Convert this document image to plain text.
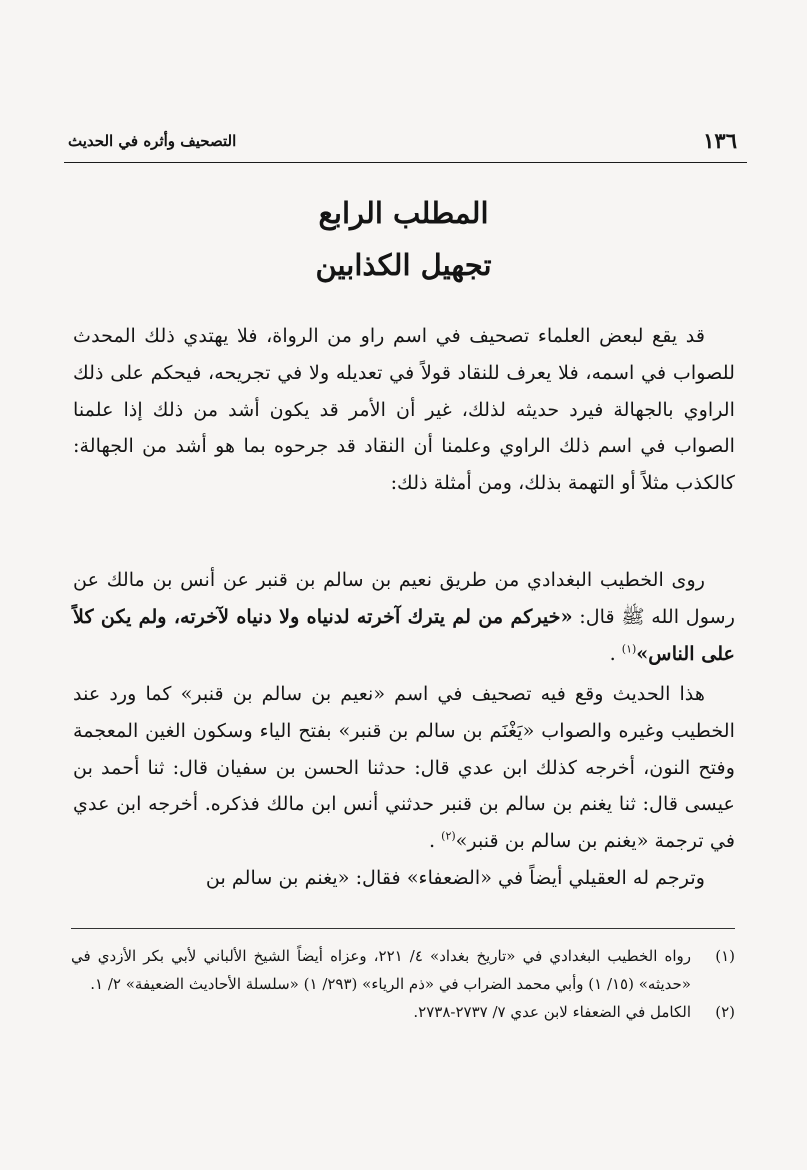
١٣٦
التصحيف وأثره في الحديث
المطلب الرابع
تجهيل الكذابين

قد يقع لبعض العلماء تصحيف في اسم راو من الرواة، فلا يهتدي ذلك المحدث للصواب في اسمه، فلا يعرف للنقاد قولاً في تعديله ولا في تجريحه، فيحكم على ذلك الراوي بالجهالة فيرد حديثه لذلك، غير أن الأمر قد يكون أشد من ذلك إذا علمنا الصواب في اسم ذلك الراوي وعلمنا أن النقاد قد جرحوه بما هو أشد من الجهالة: كالكذب مثلاً أو التهمة بذلك، ومن أمثلة ذلك:

روى الخطيب البغدادي من طريق نعيم بن سالم بن قنبر عن أنس بن مالك عن رسول الله ﷺ قال: «خيركم من لم يترك آخرته لدنياه ولا دنياه لآخرته، ولم يكن كلاً على الناس»$^{(١)}$ .

هذا الحديث وقع فيه تصحيف في اسم «نعيم بن سالم بن قنبر» كما ورد عند الخطيب وغيره والصواب «يَغْنَم بن سالم بن قنبر» بفتح الياء وسكون الغين المعجمة وفتح النون، أخرجه كذلك ابن عدي قال: حدثنا الحسن بن سفيان قال: ثنا أحمد بن عيسى قال: ثنا يغنم بن سالم بن قنبر حدثني أنس ابن مالك فذكره. أخرجه ابن عدي في ترجمة «يغنم بن سالم بن قنبر»$^{(٢)}$ .

وترجم له العقيلي أيضاً في «الضعفاء» فقال: «يغنم بن سالم بن

(١)
رواه الخطيب البغدادي في «تاريخ بغداد» ٤/ ٢٢١، وعزاه أيضاً الشيخ الألباني لأبي بكر الأزدي في «حديثه» (١٥/ ١) وأبي محمد الضراب في «ذم الرياء» (٢٩٣/ ١) «سلسلة الأحاديث الضعيفة» ٢/ ١.
(٢)
الكامل في الضعفاء لابن عدي ٧/ ٢٧٣٧-٢٧٣٨.
